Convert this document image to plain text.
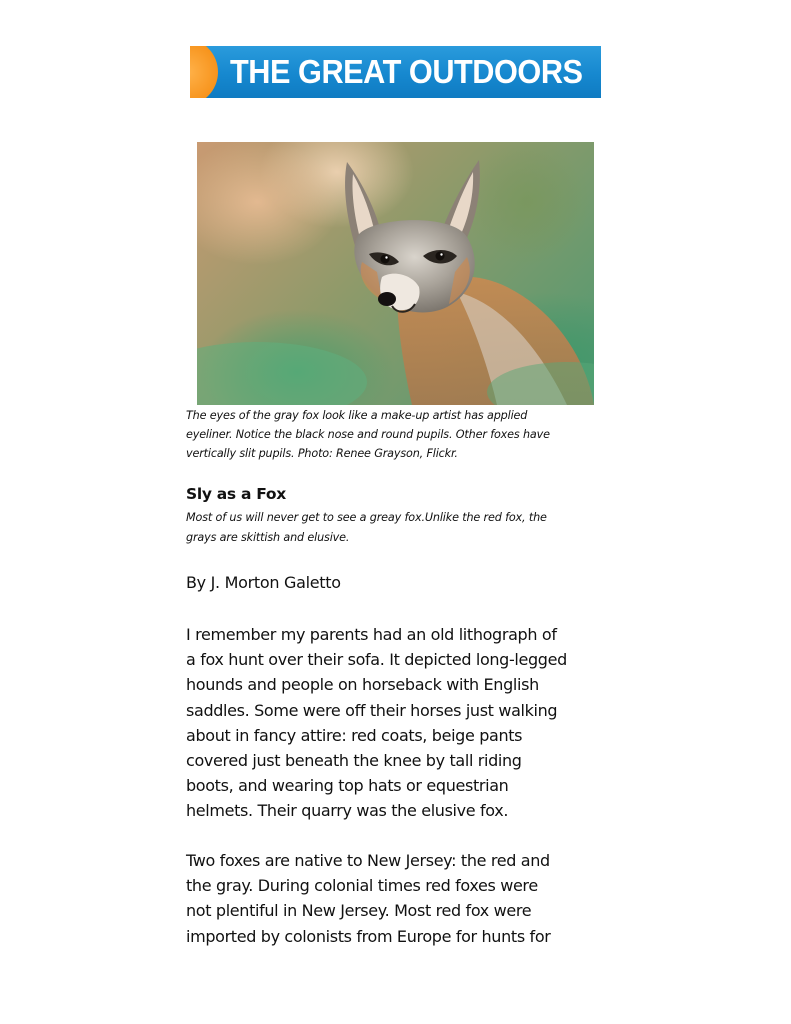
THE GREAT OUTDOORS
The eyes of the gray fox look like a make-up artist has applied
eyeliner. Notice the black nose and round pupils. Other foxes have
vertically slit pupils. Photo: Renee Grayson, Flickr.
Sly as a Fox
Most of us will never get to see a greay fox.Unlike the red fox, the
grays are skittish and elusive.
By J. Morton Galetto
I remember my parents had an old lithograph of
a fox hunt over their sofa. It depicted long-legged
hounds and people on horseback with English
saddles. Some were off their horses just walking
about in fancy attire: red coats, beige pants
covered just beneath the knee by tall riding
boots, and wearing top hats or equestrian
helmets. Their quarry was the elusive fox.
Two foxes are native to New Jersey: the red and
the gray. During colonial times red foxes were
not plentiful in New Jersey. Most red fox were
imported by colonists from Europe for hunts for
